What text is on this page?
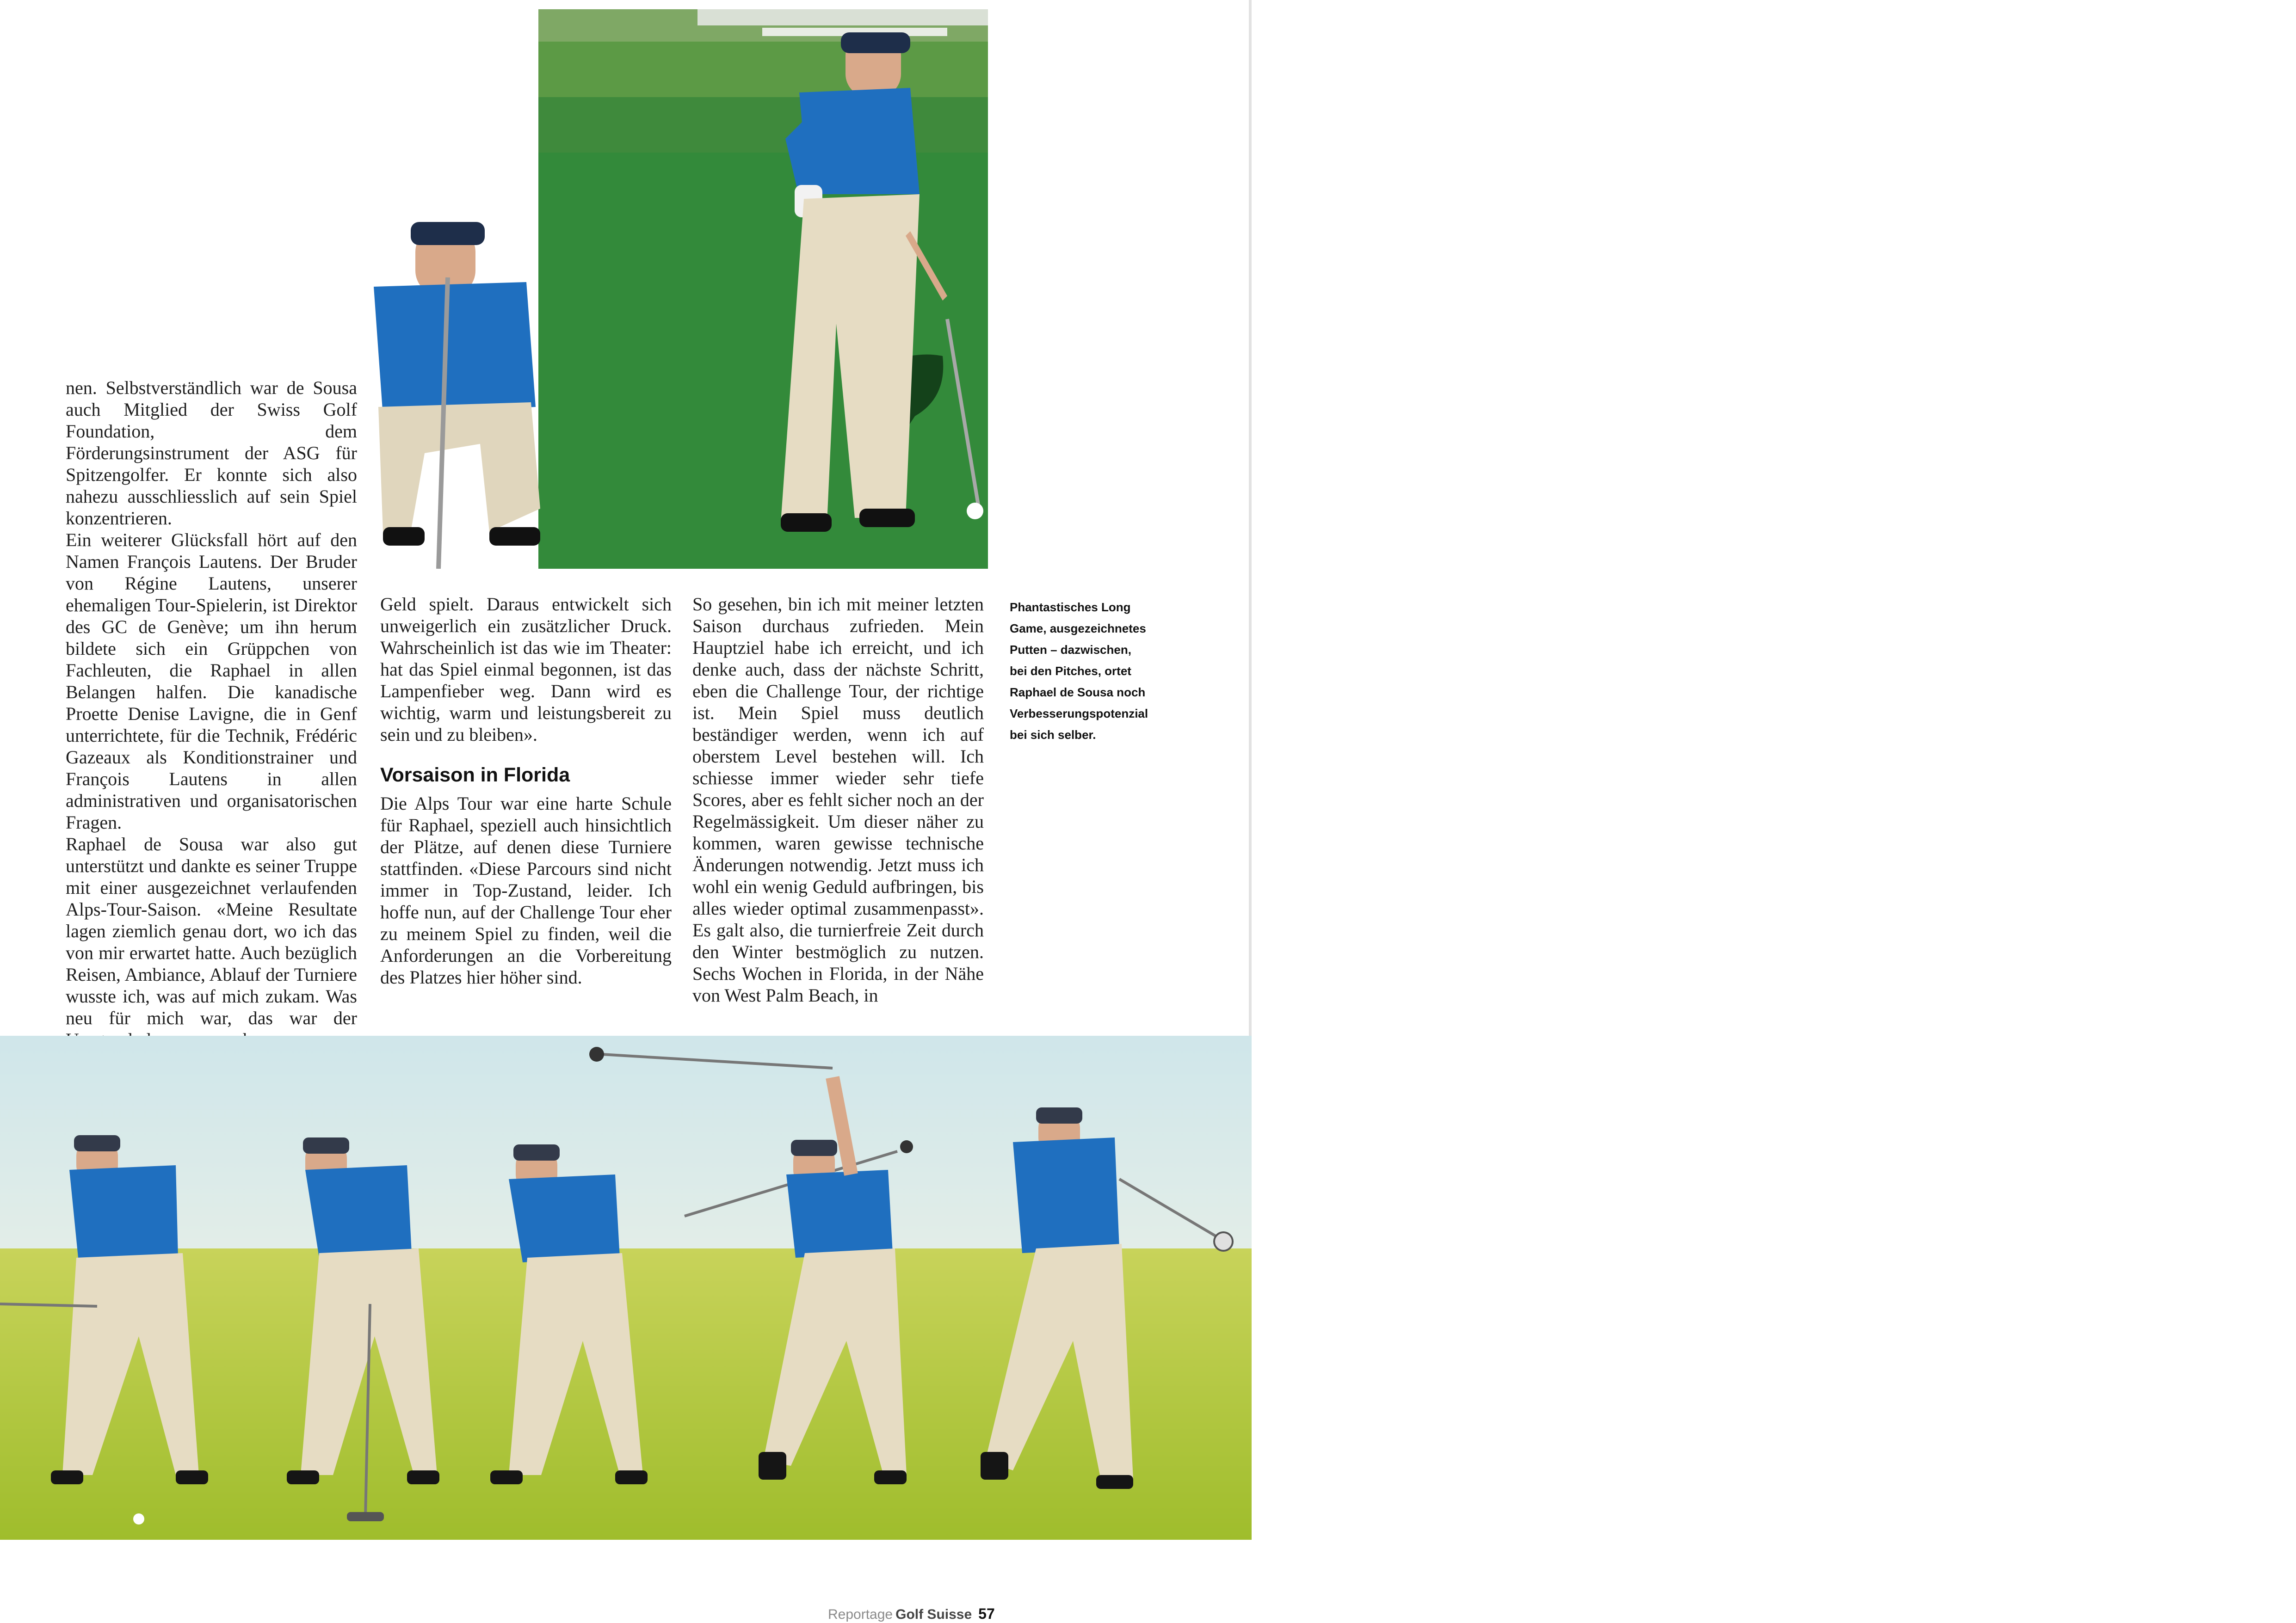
nen. Selbstverständlich war de Sousa auch Mitglied der Swiss Golf Foundation, dem Förderungsinstrument der ASG für Spitzengolfer. Er konnte sich also nahezu ausschliesslich auf sein Spiel konzentrieren.

Ein weiterer Glücksfall hört auf den Namen François Lautens. Der Bruder von Régine Lautens, unserer ehemaligen Tour-Spielerin, ist Direktor des GC de Genève; um ihn herum bildete sich ein Grüppchen von Fachleuten, die Raphael in allen Belangen halfen. Die kanadische Proette Denise Lavigne, die in Genf unterrichtete, für die Technik, Frédéric Gazeaux als Konditionstrainer und François Lautens in allen administrativen und organisatorischen Fragen.

Raphael de Sousa war also gut unterstützt und dankte es seiner Truppe mit einer ausgezeichnet verlaufenden Alps-Tour-Saison. «Meine Resultate lagen ziemlich genau dort, wo ich das von mir erwartet hatte. Auch bezüglich Reisen, Ambiance, Ablauf der Turniere wusste ich, was auf mich zukam. Was neu für mich war, das war der

Geld spielt. Daraus entwickelt sich unweigerlich ein zusätzlicher Druck. Wahrscheinlich ist das wie im Theater: hat das Spiel einmal begonnen, ist das Lampenfieber weg. Dann wird es wichtig, warm und leistungsbereit zu sein und zu bleiben».

Vorsaison in Florida

Die Alps Tour war eine harte Schule für Raphael, speziell auch hinsichtlich der Plätze, auf denen diese Turniere stattfinden. «Diese Parcours sind nicht immer in Top-Zustand, leider. Ich hoffe nun, auf der Challenge Tour eher zu meinem Spiel zu finden, weil die Anforderungen an die Vorbereitung des Platzes hier höher sind.

So gesehen, bin ich mit meiner letzten Saison durchaus zufrieden. Mein Hauptziel habe ich erreicht, und ich denke auch, dass der nächste Schritt, eben die Challenge Tour, der richtige ist. Mein Spiel muss deutlich beständiger werden, wenn ich auf oberstem Level bestehen will. Ich schiesse immer wieder sehr tiefe Scores, aber es fehlt sicher noch an der Regelmässigkeit. Um dieser näher zu kommen, waren gewisse technische Änderungen notwendig. Jetzt muss ich wohl ein wenig Geduld aufbringen, bis alles wieder optimal zusammenpasst». Es galt also, die turnierfreie Zeit durch den Winter bestmöglich zu nutzen. Sechs Wochen in Florida, in der Nähe von West Palm Beach, in

Phantastisches Long Game, ausgezeichnetes Putten – dazwischen, bei den Pitches, ortet Raphael de Sousa noch Verbesserungspotenzial bei sich selber.
Reportage Golf Suisse 57
